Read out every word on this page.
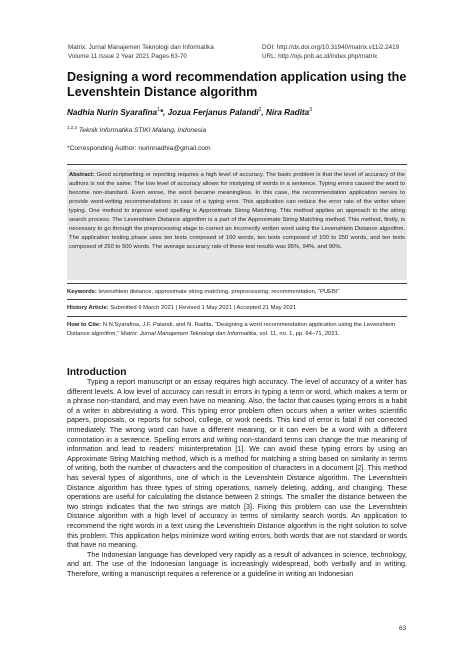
Matrix: Jurnal Manajemen Teknologi dan Informatika
Volume 11 Issue 2 Year 2021 Pages 63-70
DOI: http://dx.doi.org/10.31940/matrix.v11i2.2419
URL: http://ojs.pnb.ac.id/index.php/matrix
Designing a word recommendation application using the Levenshtein Distance algorithm
Nadhia Nurin Syarafina$^1$*, Jozua Ferjanus Palandi$^2$, Nira Radita$^3$
$^{1,2,3}$ Teknik Informatika STIKI Malang, Indonesia
*Corresponding Author: nurinnadhia@gmail.com

Abstract: Good scriptwriting or reporting requires a high level of accuracy. The basic problem is that the level of accuracy of the authors is not the same. The low level of accuracy allows for mistyping of words in a sentence. Typing errors caused the word to become non-standard. Even worse, the word became meaningless. In this case, the recommendation application serves to provide word-writing recommendations in case of a typing error. This application can reduce the error rate of the writer when typing. One method to improve word spelling is Approximate String Matching. This method applies an approach to the string search process. The Levenshtein Distance algorithm is a part of the Approximate String Matching method. This method, firstly, is necessary to go through the preprocessing stage to correct an incorrectly written word using the Levenshtein Distance algorithm. The application testing phase uses ten texts composed of 100 words, ten texts composed of 100 to 250 words, and ten texts composed of 250 to 500 words. The average accuracy rate of these test results was 95%, 94%, and 90%.

Keywords: levenshtein distance, approximate string matching, preprocessing, recommendation, “PUEBI”

History Article: Submitted 9 March 2021 | Revised 1 May 2021 | Accepted 21 May 2021

How to Cite: N.N.Syarafina, J.F. Palandi, and N. Radita, “Designing a word recommendation application using the Levenshtein Distance algorithm,” Matrix: Jurnal Manajemen Teknologi dan Informatika, vol. 11, no. 1, pp. 64–71, 2021.

Introduction

Typing a report manuscript or an essay requires high accuracy. The level of accuracy of a writer has different levels. A low level of accuracy can result in errors in typing a term or word, which makes a term or a phrase non-standard, and may even have no meaning. Also, the factor that causes typing errors is a habit of a writer in abbreviating a word. This typing error problem often occurs when a writer writes scientific papers, proposals, or reports for school, college, or work needs. This kind of error is fatal if not corrected immediately. The wrong word can have a different meaning, or it can even be a word with a different connotation in a sentence. Spelling errors and writing non-standard terms can change the true meaning of information and lead to readers' misinterpretation [1]. We can avoid these typing errors by using an Approximate String Matching method, which is a method for matching a string based on similarity in terms of writing, both the number of characters and the composition of characters in a document [2]. This method has several types of algorithms, one of which is the Levenshtein Distance algorithm. The Levenshtein Distance algorithm has three types of string operations, namely deleting, adding, and changing. These operations are useful for calculating the distance between 2 strings. The smaller the distance between the two strings indicates that the two strings are match [3]. Fixing this problem can use the Levenshtein Distance algorithm with a high level of accuracy in terms of similarity search words. An application to recommend the right words in a text using the Levenshtein Distance algorithm is the right solution to solve this problem. This application helps minimize word writing errors, both words that are not standard or words that have no meaning.

The Indonesian language has developed very rapidly as a result of advances in science, technology, and art. The use of the Indonesian language is increasingly widespread, both verbally and in writing. Therefore, writing a manuscript requires a reference or a guideline in writing an Indonesian

63
